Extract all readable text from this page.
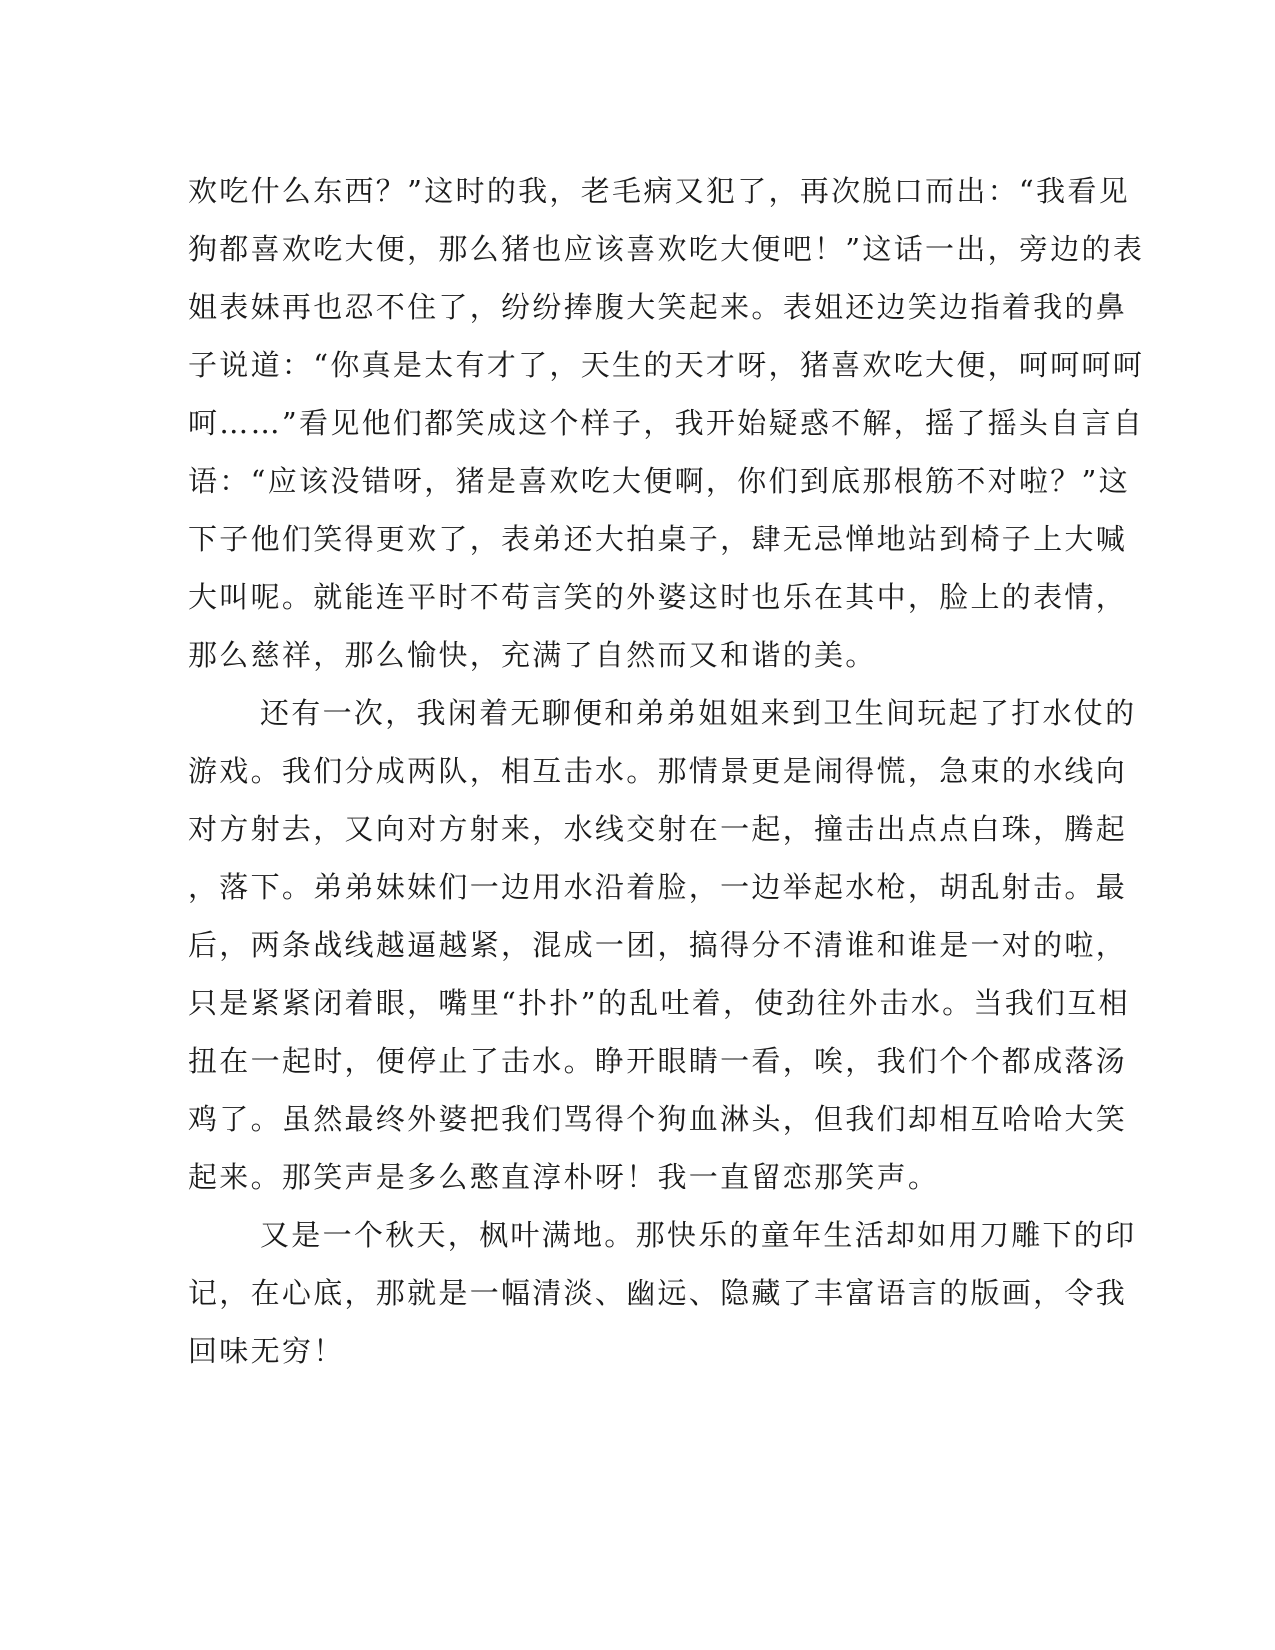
欢吃什么东西？”这时的我，老毛病又犯了，再次脱口而出：“我看见
狗都喜欢吃大便，那么猪也应该喜欢吃大便吧！”这话一出，旁边的表
姐表妹再也忍不住了，纷纷捧腹大笑起来。表姐还边笑边指着我的鼻
子说道：“你真是太有才了，天生的天才呀，猪喜欢吃大便，呵呵呵呵
呵……”看见他们都笑成这个样子，我开始疑惑不解，摇了摇头自言自
语：“应该没错呀，猪是喜欢吃大便啊，你们到底那根筋不对啦？”这
下子他们笑得更欢了，表弟还大拍桌子，肆无忌惮地站到椅子上大喊
大叫呢。就能连平时不苟言笑的外婆这时也乐在其中，脸上的表情，
那么慈祥，那么愉快，充满了自然而又和谐的美。
还有一次，我闲着无聊便和弟弟姐姐来到卫生间玩起了打水仗的
游戏。我们分成两队，相互击水。那情景更是闹得慌，急束的水线向
对方射去，又向对方射来，水线交射在一起，撞击出点点白珠，腾起
，落下。弟弟妹妹们一边用水沿着脸，一边举起水枪，胡乱射击。最
后，两条战线越逼越紧，混成一团，搞得分不清谁和谁是一对的啦，
只是紧紧闭着眼，嘴里“扑扑”的乱吐着，使劲往外击水。当我们互相
扭在一起时，便停止了击水。睁开眼睛一看，唉，我们个个都成落汤
鸡了。虽然最终外婆把我们骂得个狗血淋头，但我们却相互哈哈大笑
起来。那笑声是多么憨直淳朴呀！我一直留恋那笑声。
又是一个秋天，枫叶满地。那快乐的童年生活却如用刀雕下的印
记，在心底，那就是一幅清淡、幽远、隐藏了丰富语言的版画，令我
回味无穷！
